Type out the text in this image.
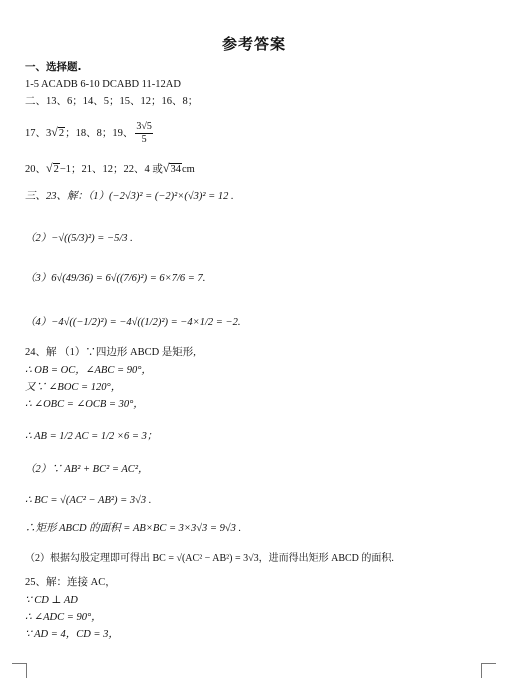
参考答案
一、选择题.
1-5 ACADB 6-10 DCABD 11-12AD
二、13、6；14、5；15、12；16、8；
17、3√2；18、8；19、 $\frac{3√5}{5}$
20、√2−1；21、12；22、4 或√34cm
三、23、解：（1）(−2√3)² = (−2)²×(√3)² = 12 .
（2）−√((5/3)²) = −5/3 .
（3）6√(49/36) = 6√((7/6)²) = 6×7/6 = 7.
（4）−4√((−1/2)²) = −4√((1/2)²) = −4×1/2 = −2.
24、解 （1）∵四边形 ABCD 是矩形,
∴ OB = OC，∠ABC = 90°，
又∵ ∠BOC = 120°，
∴ ∠OBC = ∠OCB = 30°，
∴ AB = 1/2 AC = 1/2 ×6 = 3；
（2）∵ AB² + BC² = AC²，
∴ BC = √(AC² − AB²) = 3√3 .
∴矩形 ABCD 的面积 = AB×BC = 3×3√3 = 9√3 .
（2）根据勾股定理即可得出 BC = √(AC² − AB²) = 3√3，进而得出矩形 ABCD 的面积.
25、解：连接 AC，
∵ CD ⊥ AD
∴ ∠ADC = 90°，
∵ AD = 4，CD = 3，
